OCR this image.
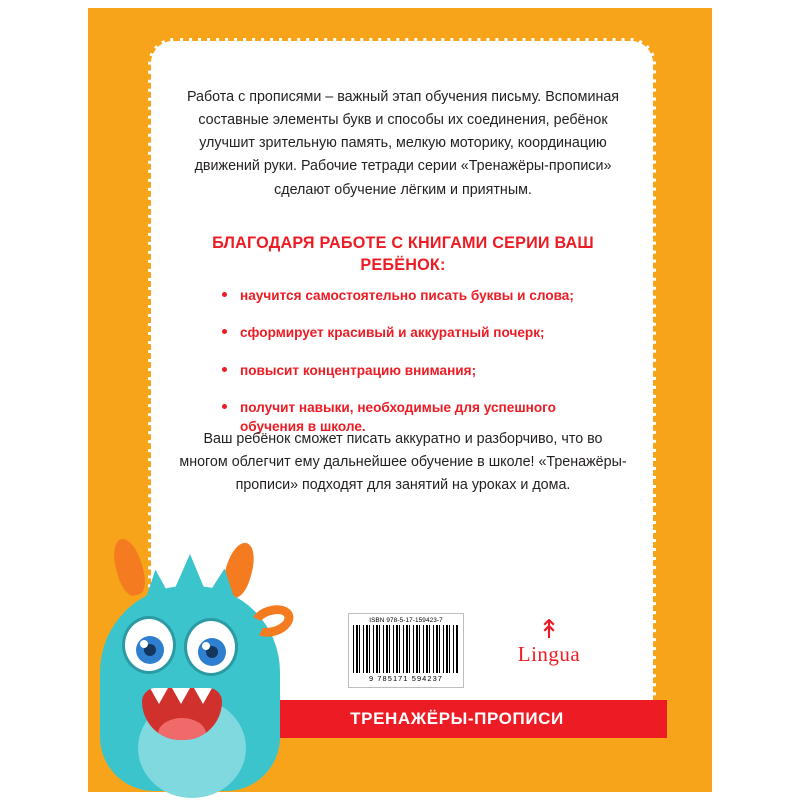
Работа с прописями – важный этап обучения письму. Вспоминая составные элементы букв и способы их соединения, ребёнок улучшит зрительную память, мелкую моторику, координацию движений руки. Рабочие тетради серии «Тренажёры-прописи» сделают обучение лёгким и приятным.
БЛАГОДАРЯ РАБОТЕ С КНИГАМИ СЕРИИ ВАШ РЕБЁНОК:
научится самостоятельно писать буквы и слова;
сформирует красивый и аккуратный почерк;
повысит концентрацию внимания;
получит навыки, необходимые для успешного обучения в школе.
Ваш ребёнок сможет писать аккуратно и разборчиво, что во многом облегчит ему дальнейшее обучение в школе! «Тренажёры-прописи» подходят для занятий на уроках и дома.
ISBN 978-5-17-159423-7
9 785171 594237
↟
Lingua
ТРЕНАЖЁРЫ-ПРОПИСИ
